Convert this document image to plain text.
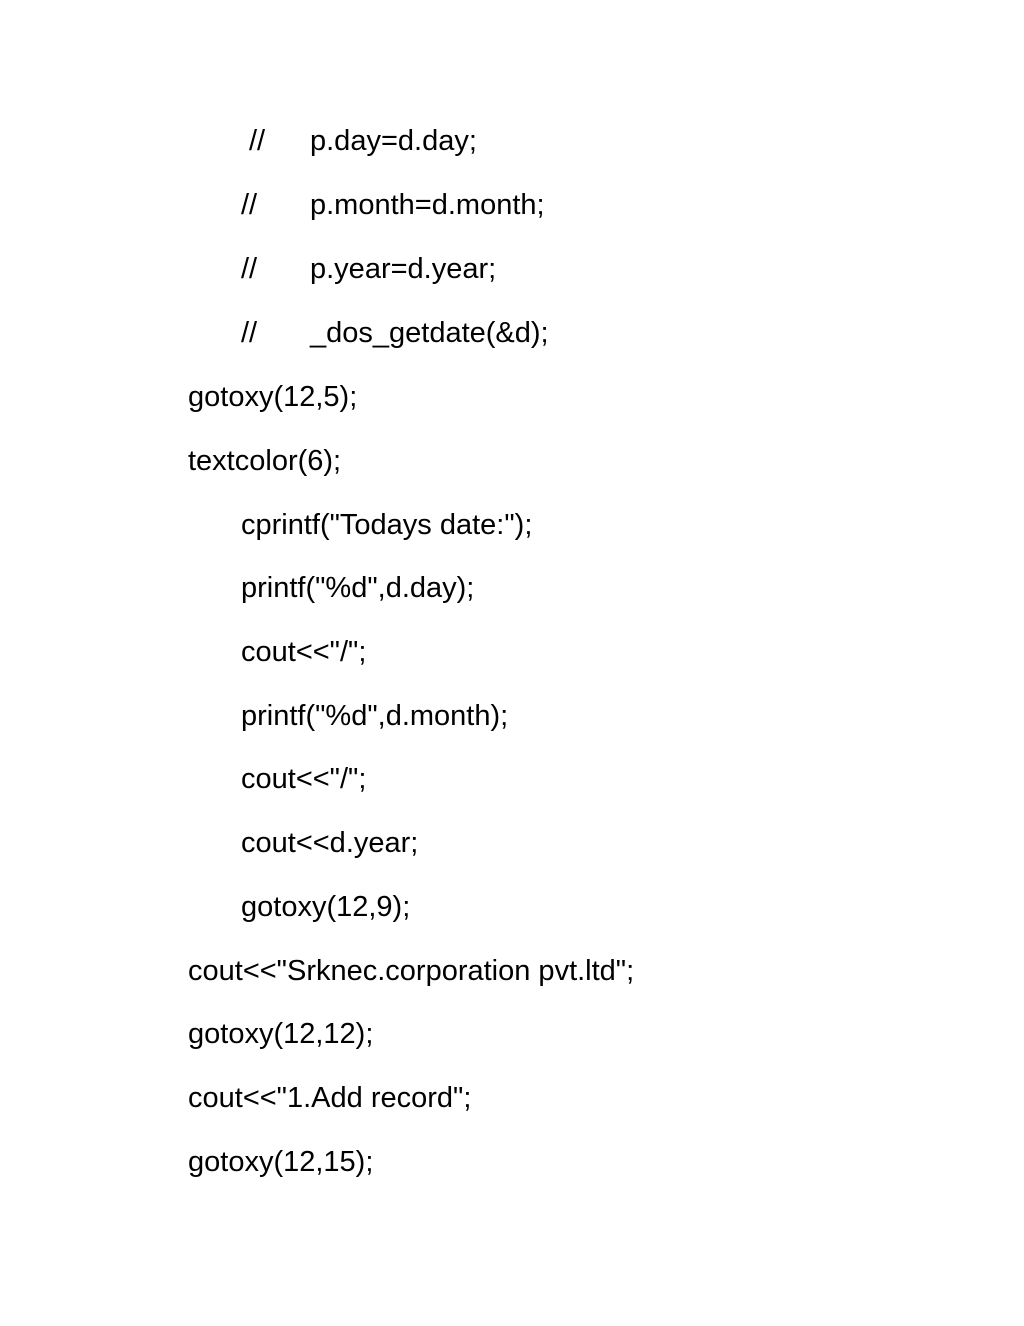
// p.day=d.day;
// p.month=d.month;
// p.year=d.year;
// _dos_getdate(&d);
gotoxy(12,5);
textcolor(6);
cprintf("Todays date:");
printf("%d",d.day);
cout<<"/";
printf("%d",d.month);
cout<<"/";
cout<<d.year;
gotoxy(12,9);
cout<<"Srknec.corporation pvt.ltd";
gotoxy(12,12);
cout<<"1.Add record";
gotoxy(12,15);
